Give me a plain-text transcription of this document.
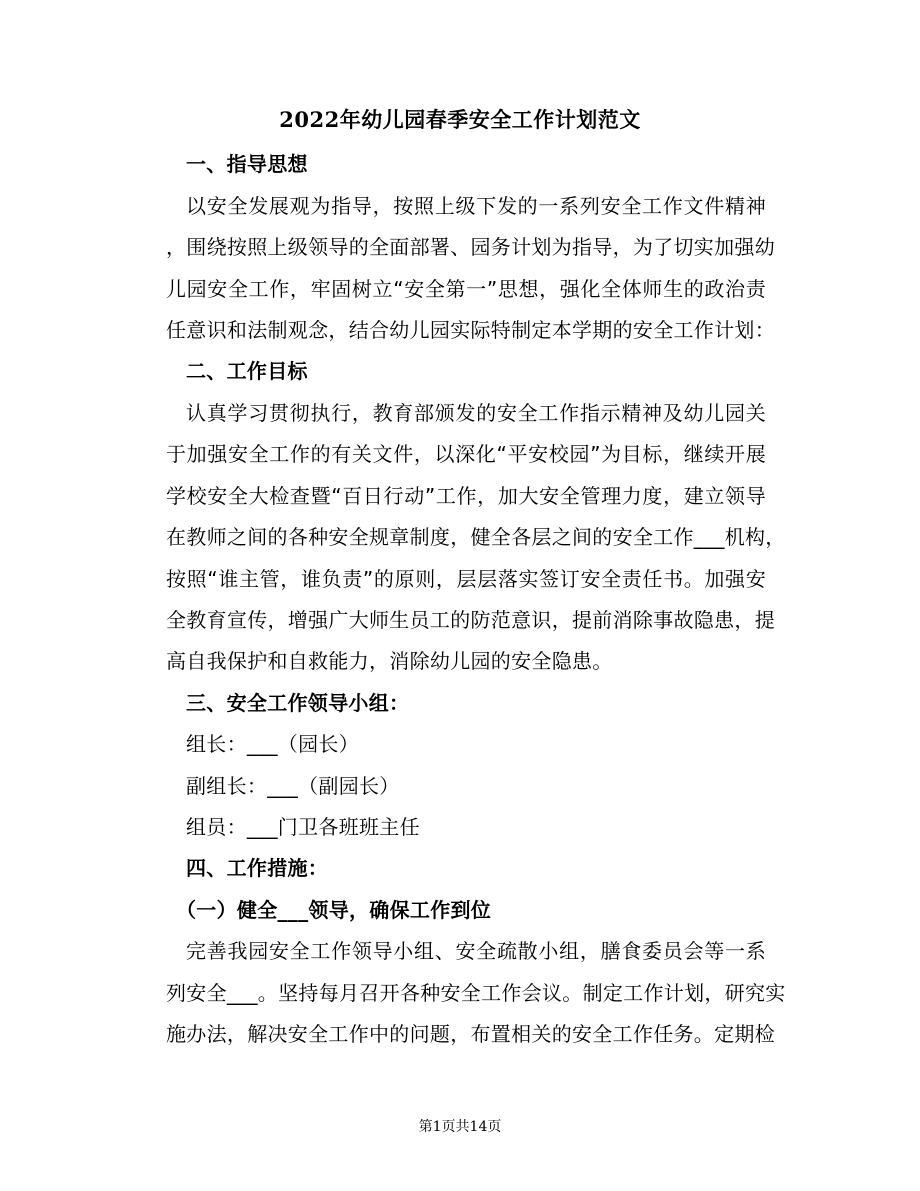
2022年幼儿园春季安全工作计划范文
一、指导思想
以安全发展观为指导，按照上级下发的一系列安全工作文件精神
，围绕按照上级领导的全面部署、园务计划为指导，为了切实加强幼
儿园安全工作，牢固树立“安全第一”思想，强化全体师生的政治责
任意识和法制观念，结合幼儿园实际特制定本学期的安全工作计划：
二、工作目标
认真学习贯彻执行，教育部颁发的安全工作指示精神及幼儿园关
于加强安全工作的有关文件，以深化“平安校园”为目标，继续开展
学校安全大检查暨“百日行动”工作，加大安全管理力度，建立领导
在教师之间的各种安全规章制度，健全各层之间的安全工作___机构，
按照“谁主管，谁负责”的原则，层层落实签订安全责任书。加强安
全教育宣传，增强广大师生员工的防范意识，提前消除事故隐患，提
高自我保护和自救能力，消除幼儿园的安全隐患。
三、安全工作领导小组：
组长：___（园长）
副组长：___（副园长）
组员：___门卫各班班主任
四、工作措施：
（一）健全___领导，确保工作到位
完善我园安全工作领导小组、安全疏散小组，膳食委员会等一系
列安全___。坚持每月召开各种安全工作会议。制定工作计划，研究实
施办法，解决安全工作中的问题，布置相关的安全工作任务。定期检
第1页共14页
